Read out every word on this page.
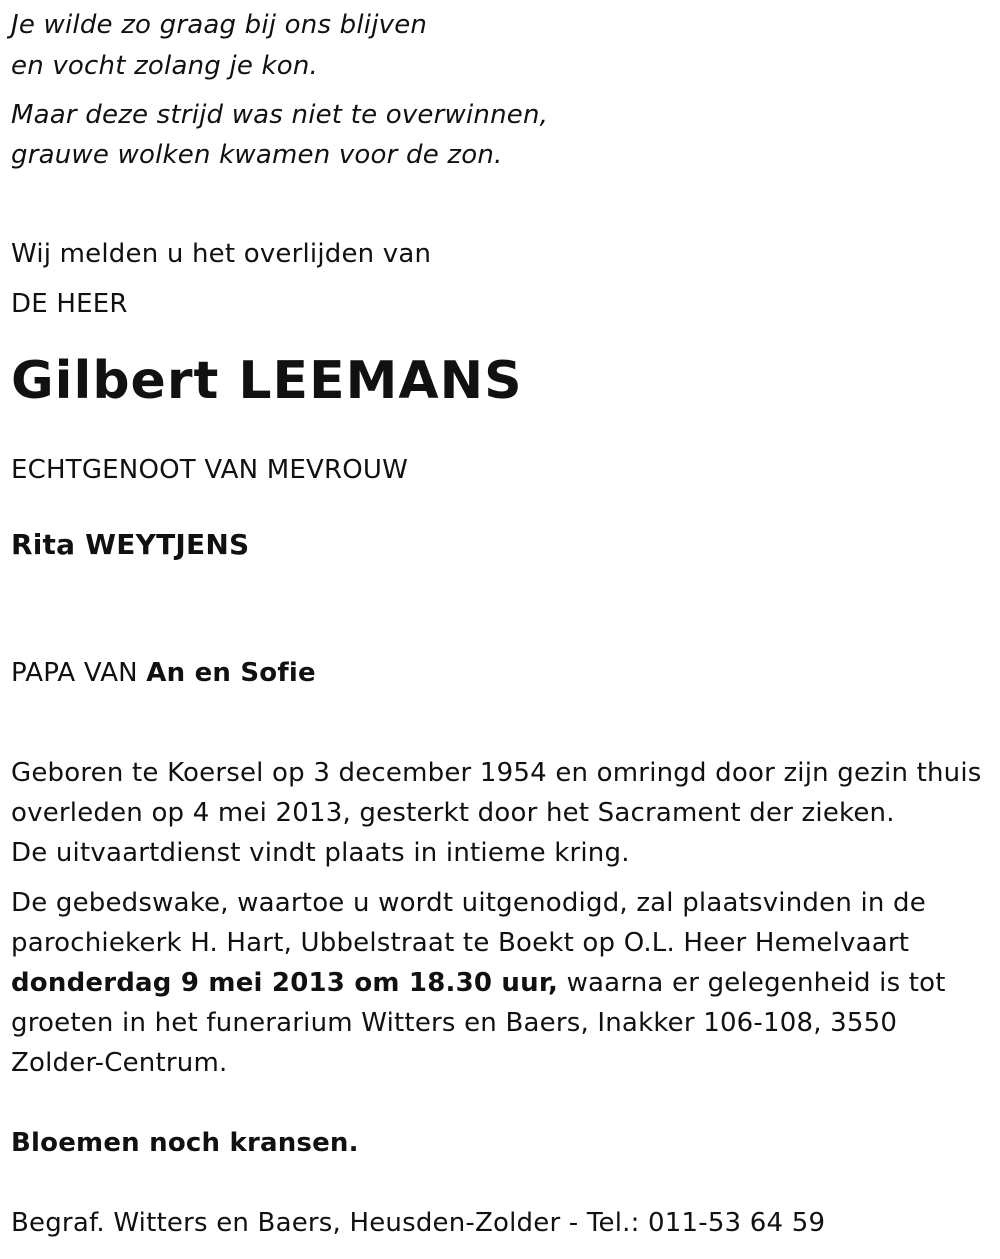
Je wilde zo graag bij ons blijven
en vocht zolang je kon.
Maar deze strijd was niet te overwinnen,
grauwe wolken kwamen voor de zon.
Wij melden u het overlijden van
DE HEER
Gilbert LEEMANS
ECHTGENOOT VAN MEVROUW
Rita WEYTJENS
PAPA VAN An en Sofie
Geboren te Koersel op 3 december 1954 en omringd door zijn gezin thuis
overleden op 4 mei 2013, gesterkt door het Sacrament der zieken.
De uitvaartdienst vindt plaats in intieme kring.
De gebedswake, waartoe u wordt uitgenodigd, zal plaatsvinden in de
parochiekerk H. Hart, Ubbelstraat te Boekt op O.L. Heer Hemelvaart
donderdag 9 mei 2013 om 18.30 uur, waarna er gelegenheid is tot
groeten in het funerarium Witters en Baers, Inakker 106-108, 3550
Zolder-Centrum.
Bloemen noch kransen.
Begraf. Witters en Baers, Heusden-Zolder - Tel.: 011-53 64 59
